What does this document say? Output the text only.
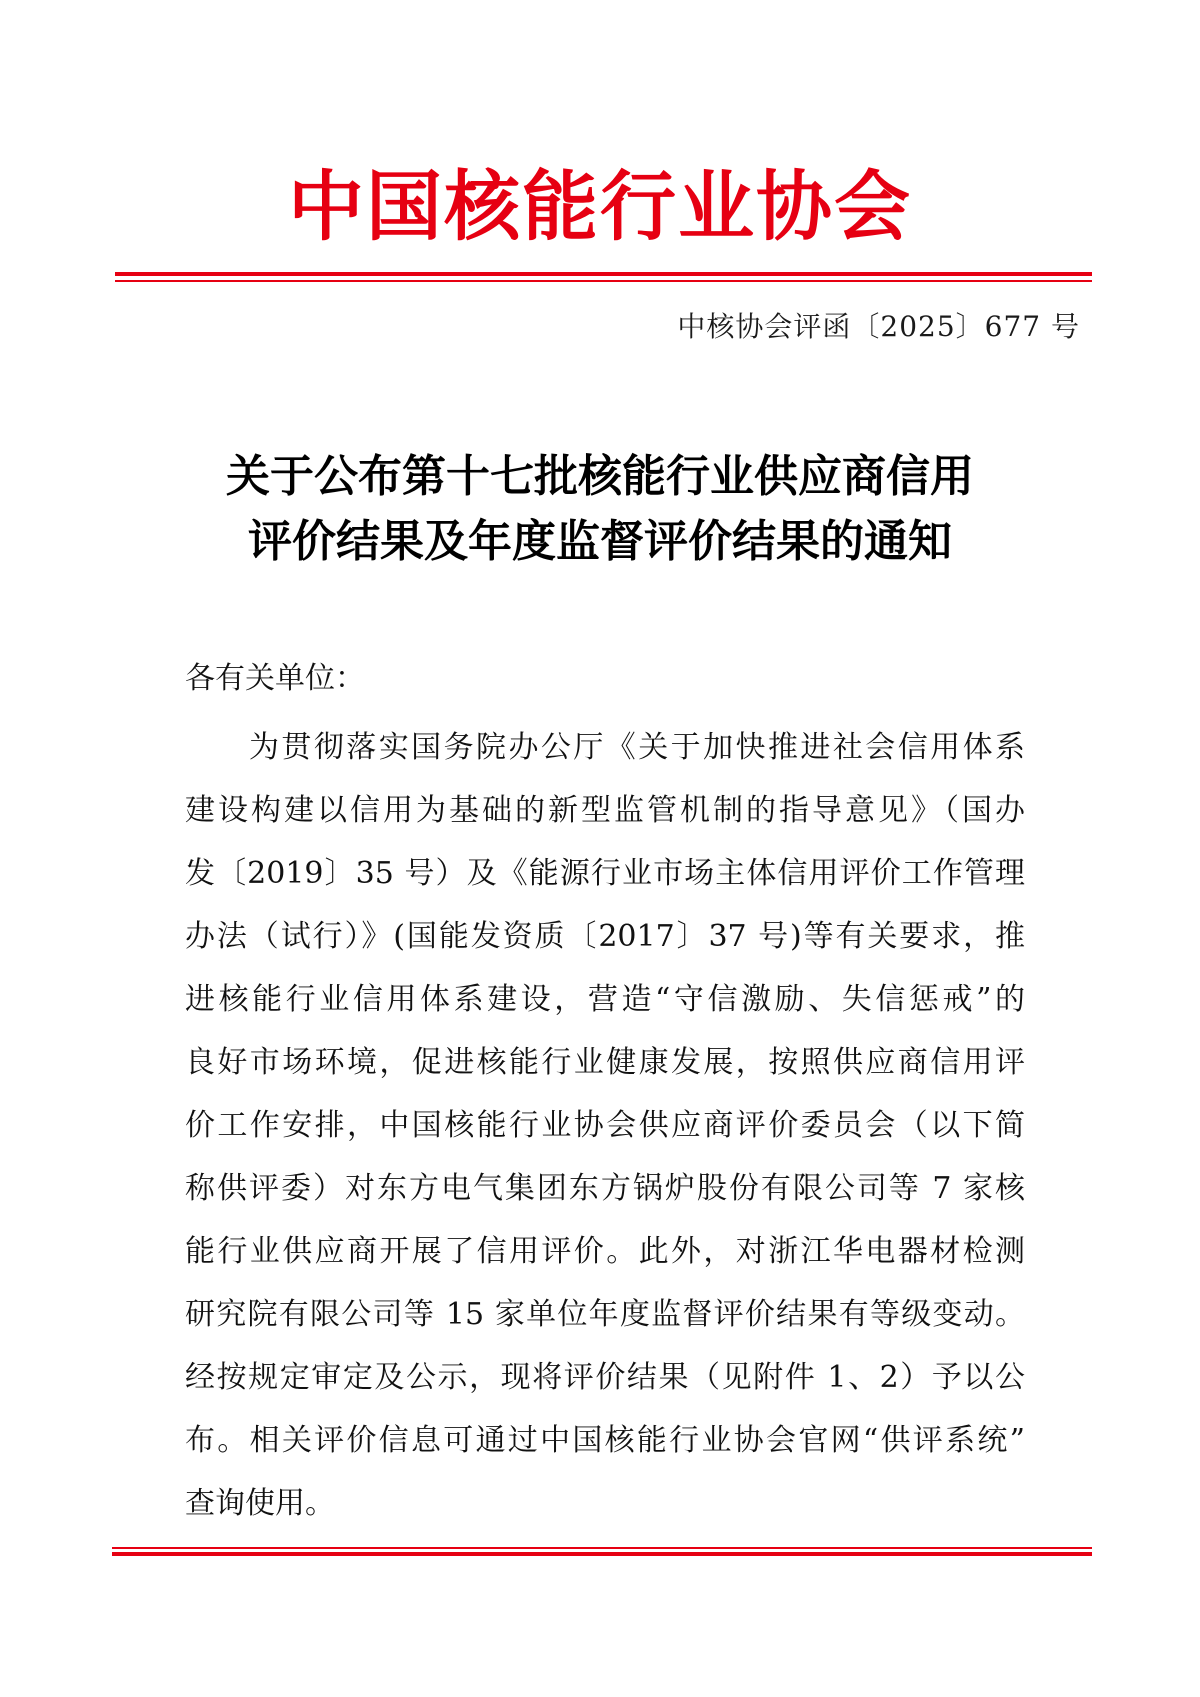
中国核能行业协会
中核协会评函〔2025〕677 号
关于公布第十七批核能行业供应商信用
评价结果及年度监督评价结果的通知
各有关单位：
为贯彻落实国务院办公厅《关于加快推进社会信用体系
建设构建以信用为基础的新型监管机制的指导意见》（国办
发〔2019〕35 号）及《能源行业市场主体信用评价工作管理
办法（试行）》(国能发资质〔2017〕37 号)等有关要求，推
进核能行业信用体系建设，营造“守信激励、失信惩戒”的
良好市场环境，促进核能行业健康发展，按照供应商信用评
价工作安排，中国核能行业协会供应商评价委员会（以下简
称供评委）对东方电气集团东方锅炉股份有限公司等 7 家核
能行业供应商开展了信用评价。此外，对浙江华电器材检测
研究院有限公司等 15 家单位年度监督评价结果有等级变动。
经按规定审定及公示，现将评价结果（见附件 1、2）予以公
布。相关评价信息可通过中国核能行业协会官网“供评系统”
查询使用。
